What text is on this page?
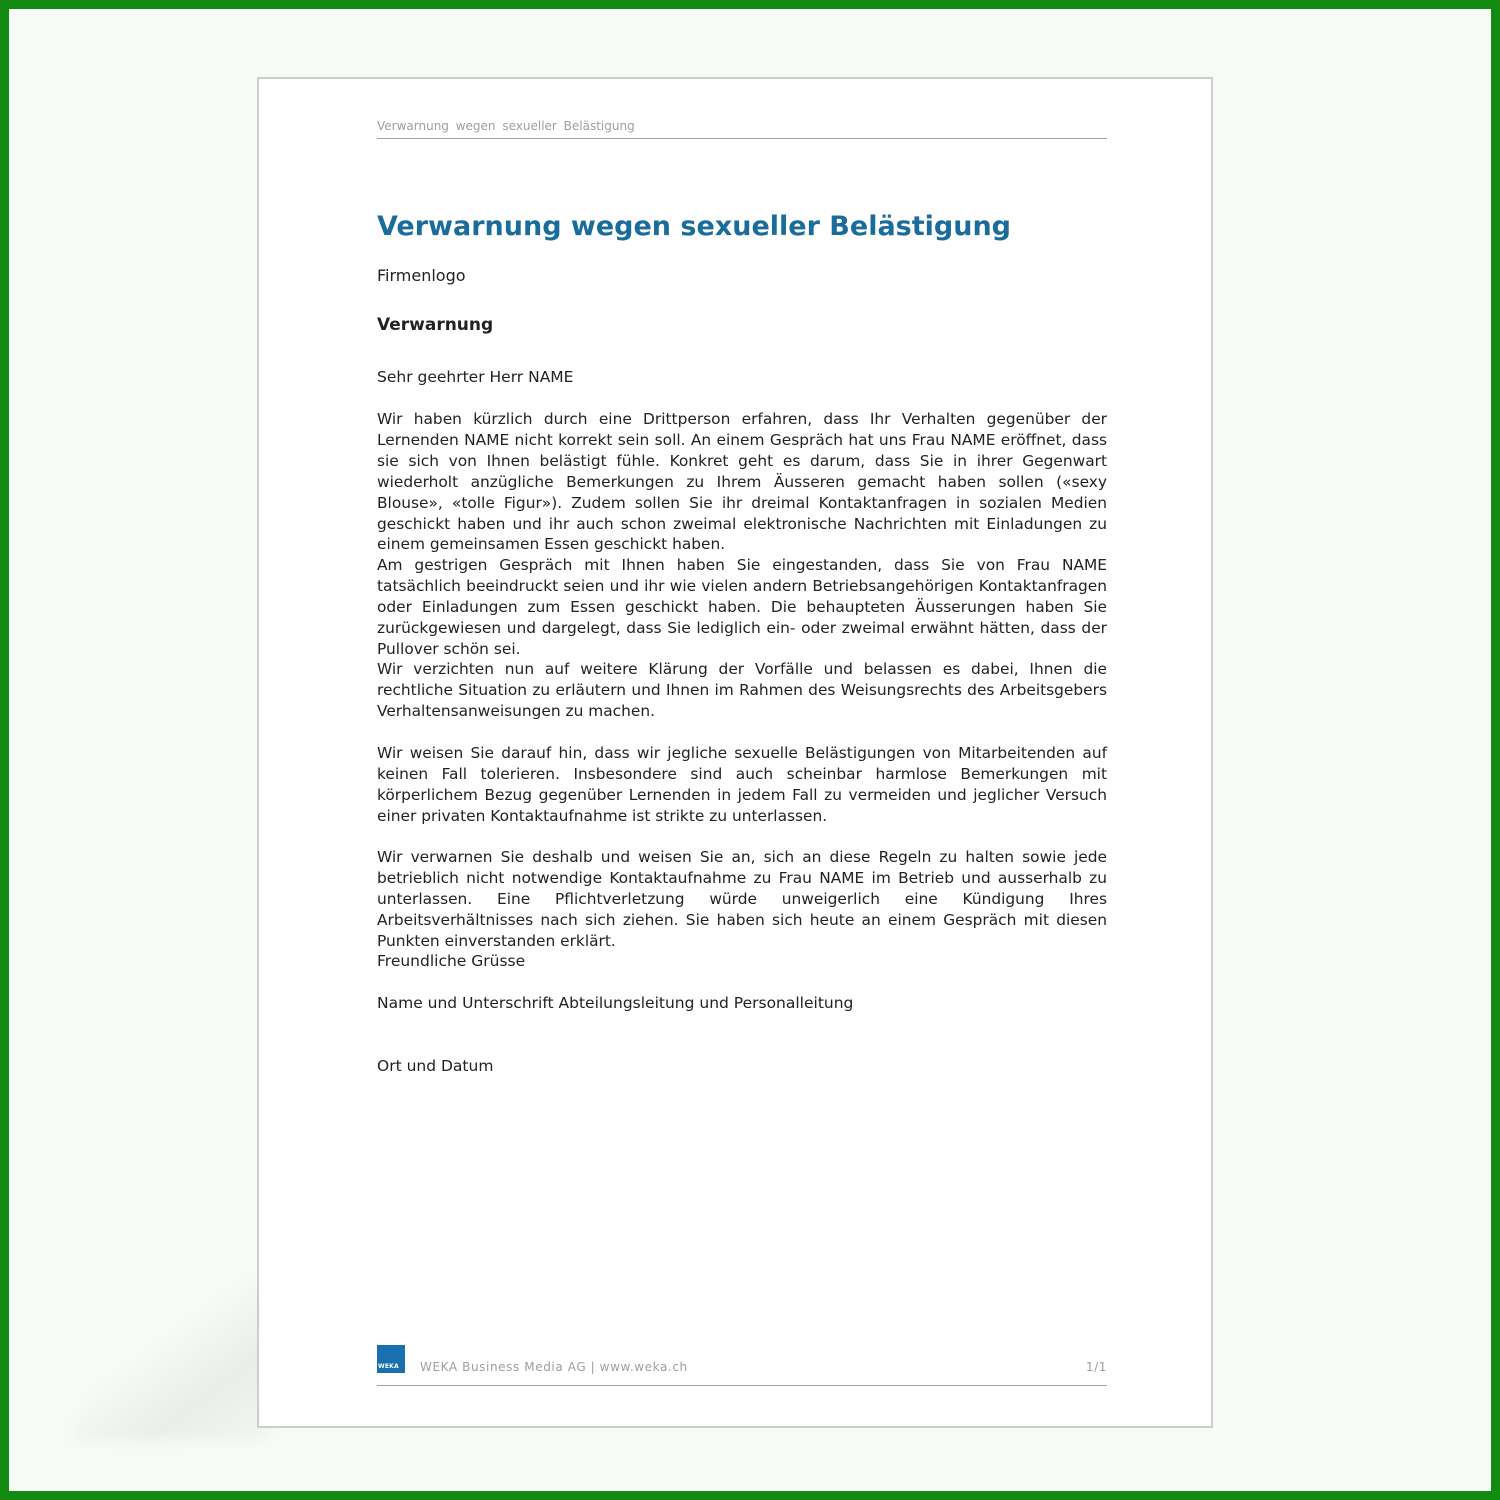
Verwarnung wegen sexueller Belästigung
Verwarnung wegen sexueller Belästigung
Firmenlogo
Verwarnung
Sehr geehrter Herr NAME

Wir haben kürzlich durch eine Drittperson erfahren, dass Ihr Verhalten gegenüber der Lernenden NAME nicht korrekt sein soll. An einem Gespräch hat uns Frau NAME eröffnet, dass sie sich von Ihnen belästigt fühle. Konkret geht es darum, dass Sie in ihrer Gegenwart wiederholt anzügliche Bemerkungen zu Ihrem Äusseren gemacht haben sollen («sexy Blouse», «tolle Figur»). Zudem sollen Sie ihr dreimal Kontaktanfragen in sozialen Medien geschickt haben und ihr auch schon zweimal elektronische Nachrichten mit Einladungen zu einem gemeinsamen Essen geschickt haben.

Am gestrigen Gespräch mit Ihnen haben Sie eingestanden, dass Sie von Frau NAME tatsächlich beeindruckt seien und ihr wie vielen andern Betriebsangehörigen Kontaktanfragen oder Einladungen zum Essen geschickt haben. Die behaupteten Äusserungen haben Sie zurückgewiesen und dargelegt, dass Sie lediglich ein- oder zweimal erwähnt hätten, dass der Pullover schön sei.

Wir verzichten nun auf weitere Klärung der Vorfälle und belassen es dabei, Ihnen die rechtliche Situation zu erläutern und Ihnen im Rahmen des Weisungsrechts des Arbeitsgebers Verhaltensanweisungen zu machen.

Wir weisen Sie darauf hin, dass wir jegliche sexuelle Belästigungen von Mitarbeitenden auf keinen Fall tolerieren. Insbesondere sind auch scheinbar harmlose Bemerkungen mit körperlichem Bezug gegenüber Lernenden in jedem Fall zu vermeiden und jeglicher Versuch einer privaten Kontaktaufnahme ist strikte zu unterlassen.

Wir verwarnen Sie deshalb und weisen Sie an, sich an diese Regeln zu halten sowie jede betrieblich nicht notwendige Kontaktaufnahme zu Frau NAME im Betrieb und ausserhalb zu unterlassen. Eine Pflichtverletzung würde unweigerlich eine Kündigung Ihres Arbeitsverhältnisses nach sich ziehen. Sie haben sich heute an einem Gespräch mit diesen Punkten einverstanden erklärt.

Freundliche Grüsse
Name und Unterschrift Abteilungsleitung und Personalleitung
Ort und Datum
WEKA WEKA Business Media AG | www.weka.ch	1/1
